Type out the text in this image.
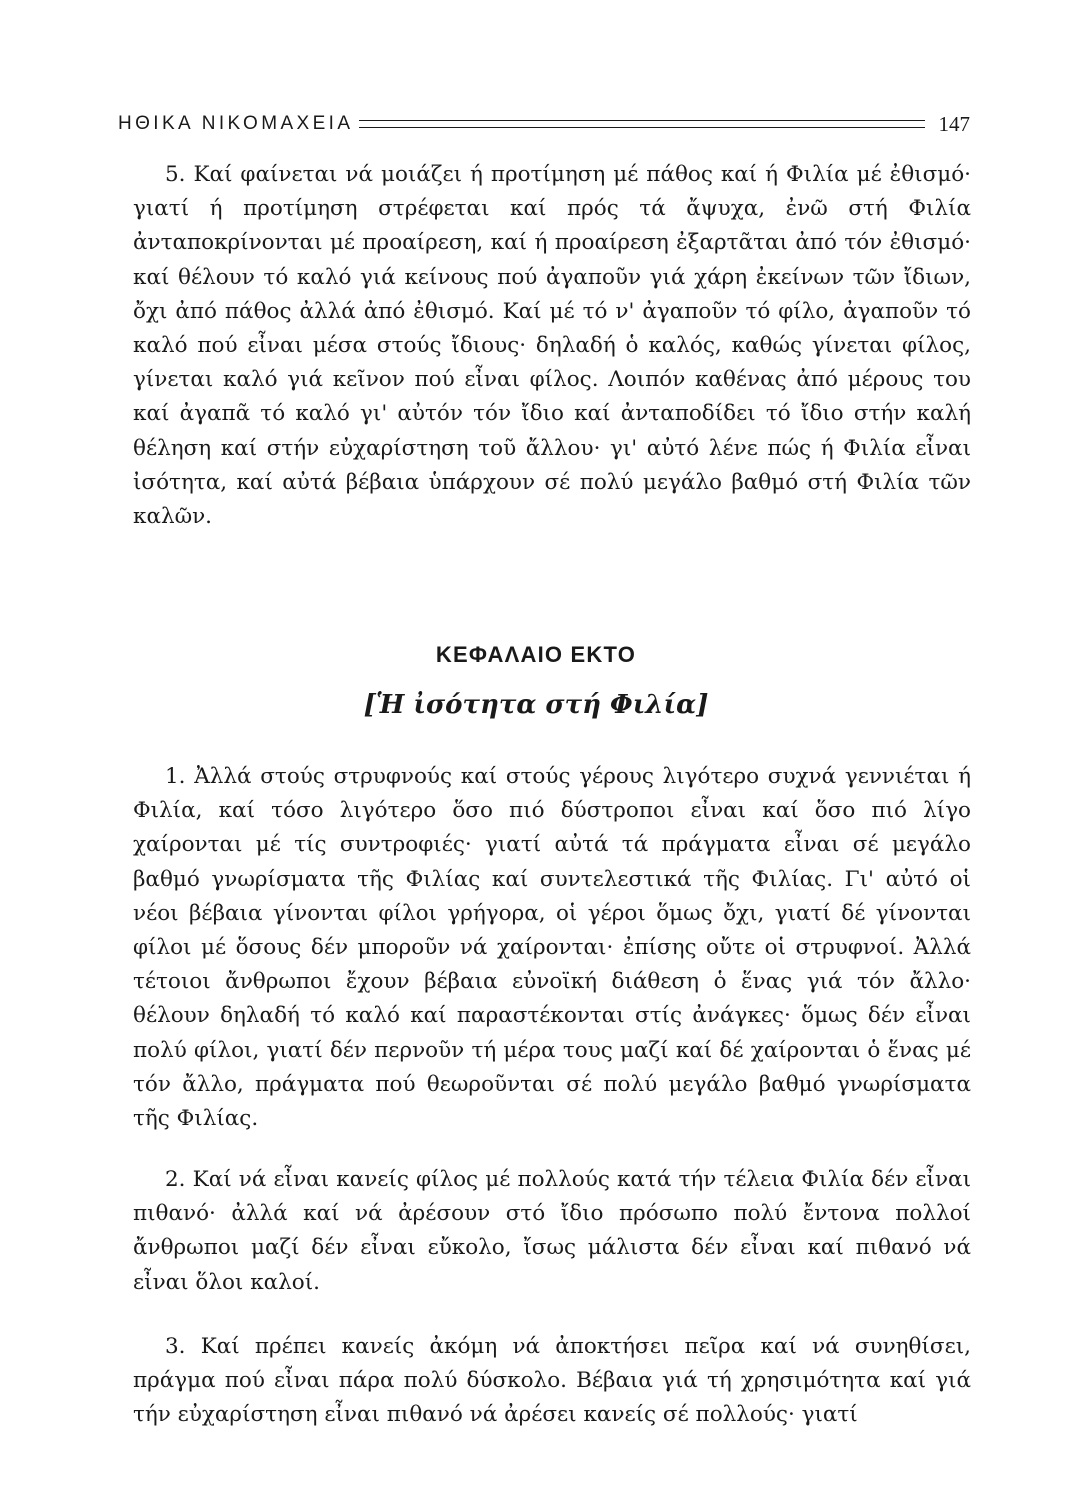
ΗΘΙΚΑ ΝΙΚΟΜΑΧΕΙΑ	147

5. Καί φαίνεται νά μοιάζει ή προτίμηση μέ πάθος καί ή Φιλία μέ ἐθισμό· γιατί ή προτίμηση στρέφεται καί πρός τά ἄψυχα, ἐνῶ στή Φιλία ἀνταποκρίνονται μέ προαίρεση, καί ή προαίρεση ἐξαρτᾶται ἀπό τόν ἐθισμό· καί θέλουν τό καλό γιά κείνους πού ἀγαποῦν γιά χάρη ἐκείνων τῶν ἴδιων, ὄχι ἀπό πάθος ἀλλά ἀπό ἐθισμό. Καί μέ τό ν' ἀγαποῦν τό φίλο, ἀγαποῦν τό καλό πού εἶναι μέσα στούς ἴδιους· δηλαδή ὁ καλός, καθώς γίνεται φίλος, γίνεται καλό γιά κεῖνον πού εἶναι φίλος. Λοιπόν καθένας ἀπό μέρους του καί ἀγαπᾶ τό καλό γι' αὐτόν τόν ἴδιο καί ἀνταποδίδει τό ἴδιο στήν καλή θέληση καί στήν εὐχαρίστηση τοῦ ἄλλου· γι' αὐτό λένε πώς ή Φιλία εἶναι ἰσότητα, καί αὐτά βέβαια ὑπάρχουν σέ πολύ μεγάλο βαθμό στή Φιλία τῶν καλῶν.

ΚΕΦΑΛΑΙΟ ΕΚΤΟ
[Ἡ ἰσότητα στή Φιλία]

1. Ἀλλά στούς στρυφνούς καί στούς γέρους λιγότερο συχνά γεννιέται ή Φιλία, καί τόσο λιγότερο ὅσο πιό δύστροποι εἶναι καί ὅσο πιό λίγο χαίρονται μέ τίς συντροφιές· γιατί αὐτά τά πράγματα εἶναι σέ μεγάλο βαθμό γνωρίσματα τῆς Φιλίας καί συντελεστικά τῆς Φιλίας. Γι' αὐτό οἱ νέοι βέβαια γίνονται φίλοι γρήγορα, οἱ γέροι ὅμως ὄχι, γιατί δέ γίνονται φίλοι μέ ὅσους δέν μποροῦν νά χαίρονται· ἐπίσης οὔτε οἱ στρυφνοί. Ἀλλά τέτοιοι ἄνθρωποι ἔχουν βέβαια εὐνοϊκή διάθεση ὁ ἕνας γιά τόν ἄλλο· θέλουν δηλαδή τό καλό καί παραστέκονται στίς ἀνάγκες· ὅμως δέν εἶναι πολύ φίλοι, γιατί δέν περνοῦν τή μέρα τους μαζί καί δέ χαίρονται ὁ ἕνας μέ τόν ἄλλο, πράγματα πού θεωροῦνται σέ πολύ μεγάλο βαθμό γνωρίσματα τῆς Φιλίας.

2. Καί νά εἶναι κανείς φίλος μέ πολλούς κατά τήν τέλεια Φιλία δέν εἶναι πιθανό· ἀλλά καί νά ἀρέσουν στό ἴδιο πρόσωπο πολύ ἔντονα πολλοί ἄνθρωποι μαζί δέν εἶναι εὔκολο, ἴσως μάλιστα δέν εἶναι καί πιθανό νά εἶναι ὅλοι καλοί.

3. Καί πρέπει κανείς ἀκόμη νά ἀποκτήσει πεῖρα καί νά συνηθίσει, πράγμα πού εἶναι πάρα πολύ δύσκολο. Βέβαια γιά τή χρησιμότητα καί γιά τήν εὐχαρίστηση εἶναι πιθανό νά ἀρέσει κανείς σέ πολλούς· γιατί
